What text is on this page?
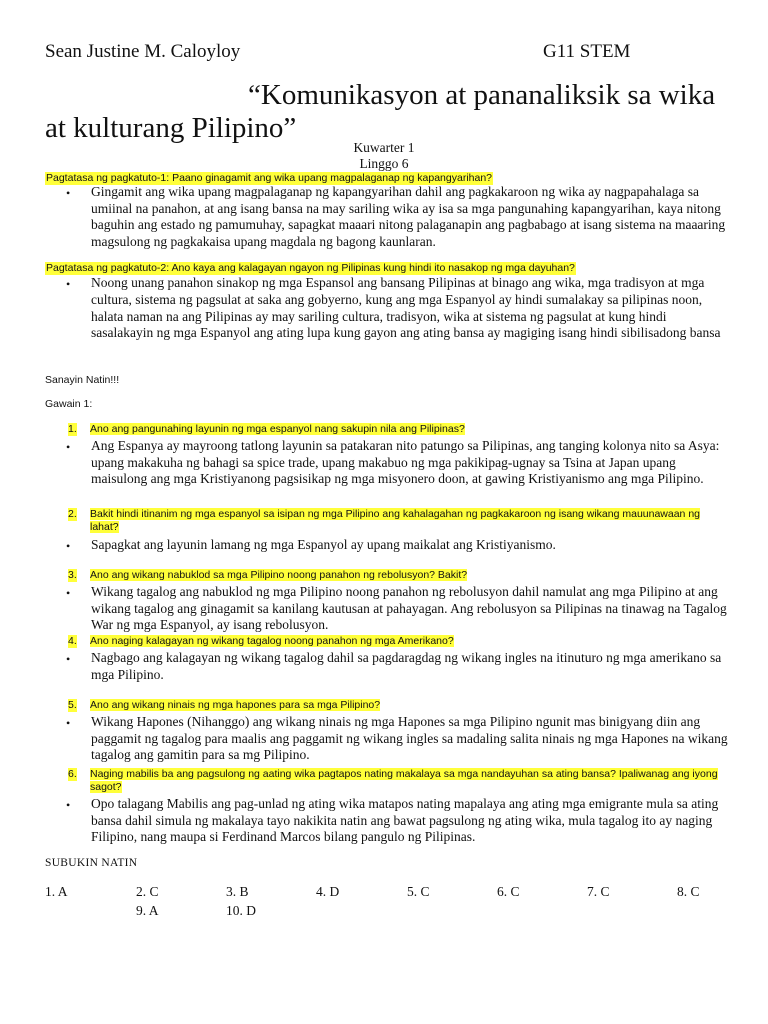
Sean Justine M. Caloyloy	G11 STEM
“Komunikasyon at pananaliksik sa wika at kulturang Pilipino”
Kuwarter 1
Linggo 6
Pagtatasa ng pagkatuto-1: Paano ginagamit ang wika upang magpalaganap ng kapangyarihan?
• Gingamit ang wika upang magpalaganap ng kapangyarihan dahil ang pagkakaroon ng wika ay nagpapahalaga sa umiinal na panahon, at ang isang bansa na may sariling wika ay isa sa mga pangunahing kapangyarihan, kaya nitong baguhin ang estado ng pamumuhay, sapagkat maaari nitong palaganapin ang pagbabago at isang sistema na maaaring magsulong ng pagkakaisa upang magdala ng bagong kaunlaran.
Pagtatasa ng pagkatuto-2: Ano kaya ang kalagayan ngayon ng Pilipinas kung hindi ito nasakop ng mga dayuhan?
• Noong unang panahon sinakop ng mga Espansol ang bansang Pilipinas at binago ang wika, mga tradisyon at mga cultura, sistema ng pagsulat at saka ang gobyerno, kung ang mga Espanyol ay hindi sumalakay sa pilipinas noon, halata naman na ang Pilipinas ay may sariling cultura, tradisyon, wika at sistema ng pagsulat at kung hindi sasalakayin ng mga Espanyol ang ating lupa kung gayon ang ating bansa ay magiging isang hindi sibilisadong bansa
Sanayin Natin!!!
Gawain 1:
1. Ano ang pangunahing layunin ng mga espanyol nang sakupin nila ang Pilipinas?
• Ang Espanya ay mayroong tatlong layunin sa patakaran nito patungo sa Pilipinas, ang tanging kolonya nito sa Asya: upang makakuha ng bahagi sa spice trade, upang makabuo ng mga pakikipag-ugnay sa Tsina at Japan upang maisulong ang mga Kristiyanong pagsisikap ng mga misyonero doon, at gawing Kristiyanismo ang mga Pilipino.
2. Bakit hindi itinanim ng mga espanyol sa isipan ng mga Pilipino ang kahalagahan ng pagkakaroon ng isang wikang mauunawaan ng lahat?
• Sapagkat ang layunin lamang ng mga Espanyol ay upang maikalat ang Kristiyanismo.
3. Ano ang wikang nabuklod sa mga Pilipino noong panahon ng rebolusyon? Bakit?
• Wikang tagalog ang nabuklod ng mga Pilipino noong panahon ng rebolusyon dahil namulat ang mga Pilipino at ang wikang tagalog ang ginagamit sa kanilang kautusan at pahayagan. Ang rebolusyon sa Pilipinas na tinawag na Tagalog War ng mga Espanyol, ay isang rebolusyon.
4. Ano naging kalagayan ng wikang tagalog noong panahon ng mga Amerikano?
• Nagbago ang kalagayan ng wikang tagalog dahil sa pagdaragdag ng wikang ingles na itinuturo ng mga amerikano sa mga Pilipino.
5. Ano ang wikang ninais ng mga hapones para sa mga Pilipino?
• Wikang Hapones (Nihanggo) ang wikang ninais ng mga Hapones sa mga Pilipino ngunit mas binigyang diin ang paggamit ng tagalog para maalis ang paggamit ng wikang ingles sa madaling salita ninais ng mga Hapones na wikang tagalog ang gamitin para sa mg Pilipino.
6. Naging mabilis ba ang pagsulong ng aating wika pagtapos nating makalaya sa mga nandayuhan sa ating bansa? Ipaliwanag ang iyong sagot?
• Opo talagang Mabilis ang pag-unlad ng ating wika matapos nating mapalaya ang ating mga emigrante mula sa ating bansa dahil simula ng makalaya tayo nakikita natin ang bawat pagsulong ng ating wika, mula tagalog ito ay naging Filipino, nang maupa si Ferdinand Marcos bilang pangulo ng Pilipinas.
SUBUKIN NATIN
1. A	2. C	3. B	4. D	5. C	6. C	7. C	8. C
9. A	10. D
